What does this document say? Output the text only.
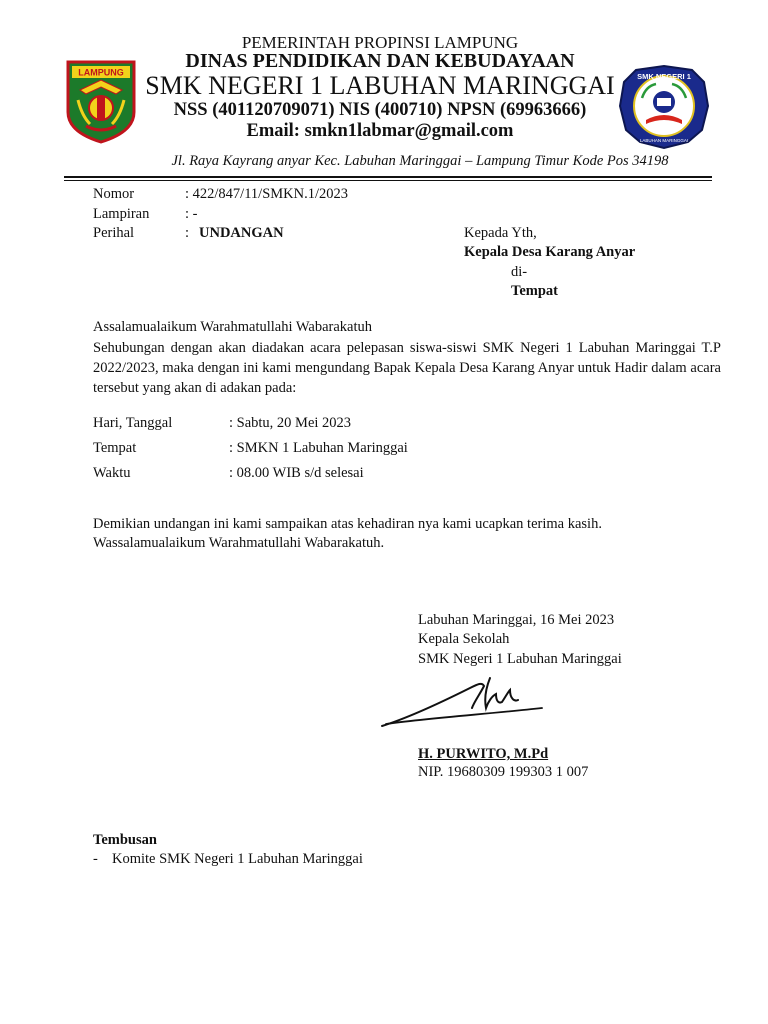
LAMPUNG	SMK NEGERI 1
LABUHAN MARINGGAI
PEMERINTAH PROPINSI LAMPUNG
DINAS PENDIDIKAN DAN KEBUDAYAAN
SMK NEGERI 1 LABUHAN MARINGGAI
NSS (401120709071) NIS (400710) NPSN (69963666)
Email: smkn1labmar@gmail.com
Jl. Raya Kayrang anyar Kec. Labuhan Maringgai – Lampung Timur Kode Pos 34198
Nomor	: 422/847/11/SMKN.1/2023
Lampiran : -
Perihal	: UNDANGAN	Kepada Yth,
Kepala Desa Karang Anyar
di-
Tempat
Assalamualaikum Warahmatullahi Wabarakatuh
Sehubungan dengan akan diadakan acara pelepasan siswa-siswi SMK Negeri 1 Labuhan Maringgai T.P 2022/2023, maka dengan ini kami mengundang Bapak Kepala Desa Karang Anyar untuk Hadir dalam acara tersebut yang akan di adakan pada:
Hari, Tanggal	: Sabtu, 20 Mei 2023
Tempat	: SMKN 1 Labuhan Maringgai
Waktu	: 08.00 WIB s/d selesai
Demikian undangan ini kami sampaikan atas kehadiran nya kami ucapkan terima kasih.
Wassalamualaikum Warahmatullahi Wabarakatuh.
Labuhan Maringgai, 16 Mei 2023
Kepala Sekolah
SMK Negeri 1 Labuhan Maringgai
H. PURWITO, M.Pd
NIP. 19680309 199303 1 007
Tembusan
- Komite SMK Negeri 1 Labuhan Maringgai
